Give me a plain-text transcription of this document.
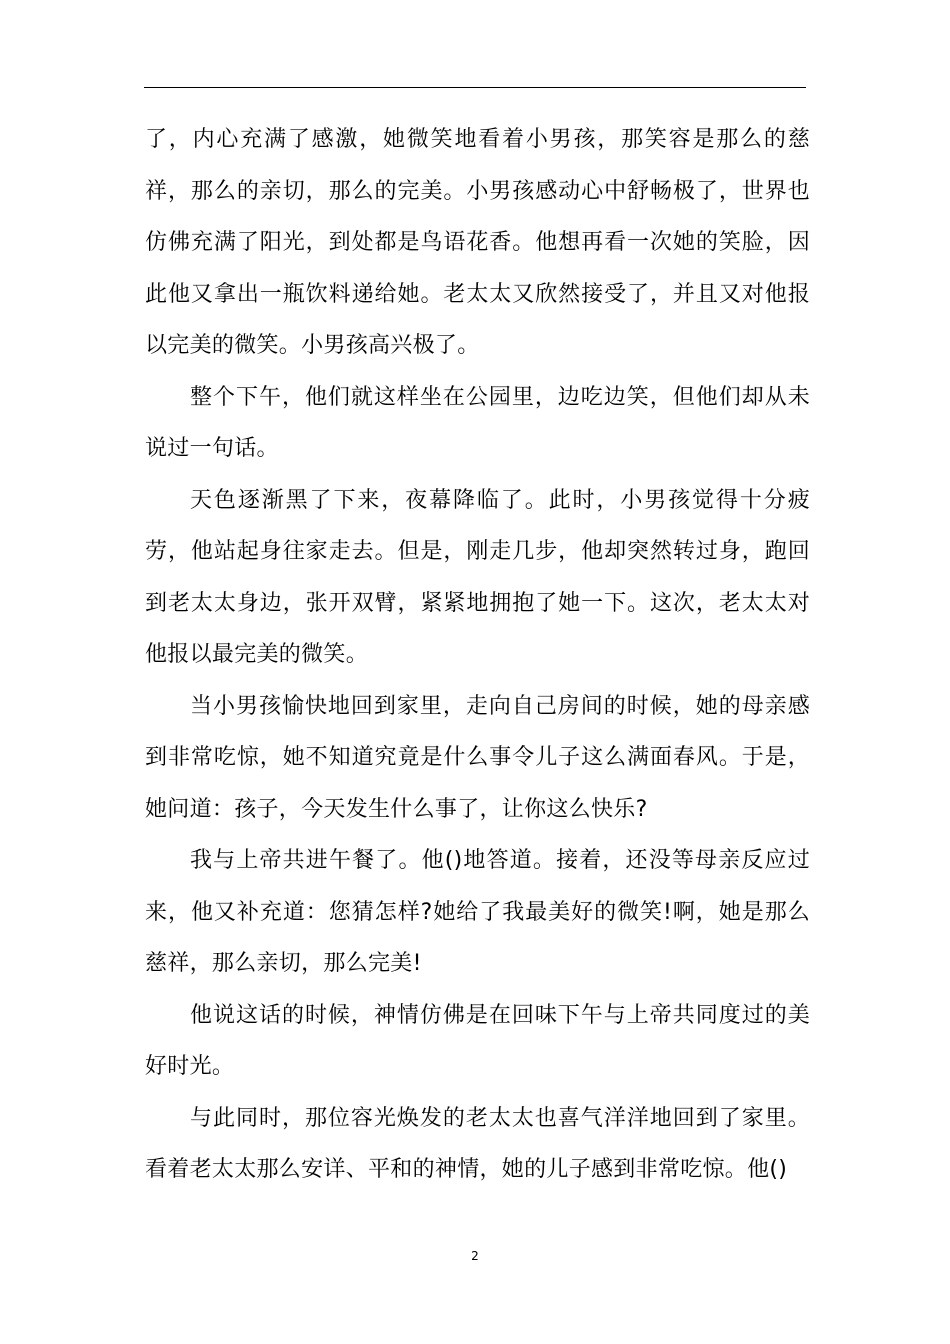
了，内心充满了感激，她微笑地看着小男孩，那笑容是那么的慈祥，那么的亲切，那么的完美。小男孩感动心中舒畅极了，世界也仿佛充满了阳光，到处都是鸟语花香。他想再看一次她的笑脸，因此他又拿出一瓶饮料递给她。老太太又欣然接受了，并且又对他报以完美的微笑。小男孩高兴极了。

整个下午，他们就这样坐在公园里，边吃边笑，但他们却从未说过一句话。

天色逐渐黑了下来，夜幕降临了。此时，小男孩觉得十分疲劳，他站起身往家走去。但是，刚走几步，他却突然转过身，跑回到老太太身边，张开双臂，紧紧地拥抱了她一下。这次，老太太对他报以最完美的微笑。

当小男孩愉快地回到家里，走向自己房间的时候，她的母亲感到非常吃惊，她不知道究竟是什么事令儿子这么满面春风。于是，她问道：孩子，今天发生什么事了，让你这么快乐?

我与上帝共进午餐了。他()地答道。接着，还没等母亲反应过来，他又补充道：您猜怎样?她给了我最美好的微笑!啊，她是那么慈祥，那么亲切，那么完美!

他说这话的时候，神情仿佛是在回味下午与上帝共同度过的美好时光。

与此同时，那位容光焕发的老太太也喜气洋洋地回到了家里。看着老太太那么安详、平和的神情，她的儿子感到非常吃惊。他()

2
